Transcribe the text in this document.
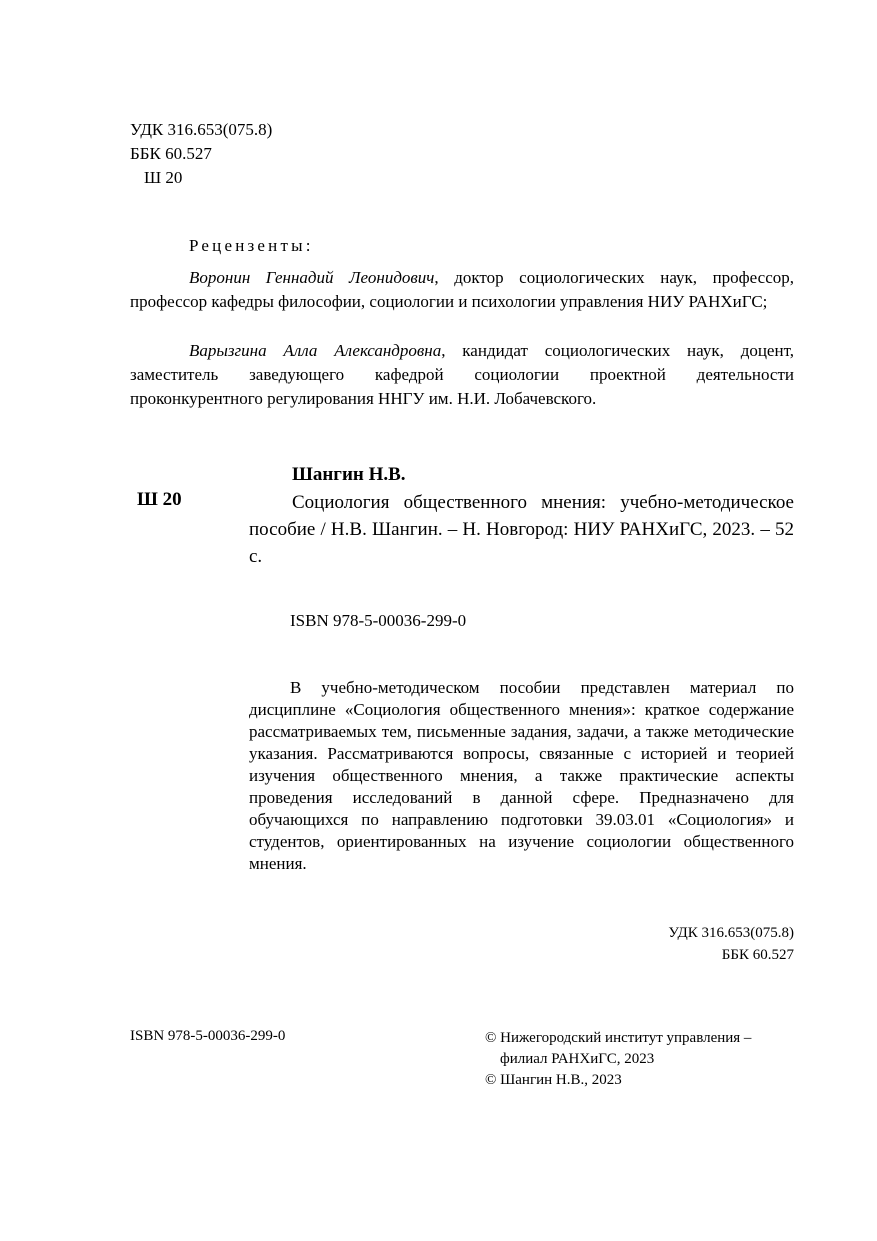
УДК 316.653(075.8)
ББК 60.527
Ш 20
Рецензенты:

Воронин Геннадий Леонидович, доктор социологических наук, профессор, профессор кафедры философии, социологии и психологии управления НИУ РАНХиГС;

Варызгина Алла Александровна, кандидат социологических наук, доцент, заместитель заведующего кафедрой социологии проектной деятельности проконкурентного регулирования ННГУ им. Н.И. Лобачевского.

Ш 20
Шангин Н.В.

Социология общественного мнения: учебно-методическое пособие / Н.В. Шангин. – Н. Новгород: НИУ РАНХиГС, 2023. – 52 с.

ISBN 978-5-00036-299-0

В учебно-методическом пособии представлен материал по дисциплине «Социология общественного мнения»: краткое содержание рассматриваемых тем, письменные задания, задачи, а также методические указания. Рассматриваются вопросы, связанные с историей и теорией изучения общественного мнения, а также практические аспекты проведения исследований в данной сфере. Предназначено для обучающихся по направлению подготовки 39.03.01 «Социология» и студентов, ориентированных на изучение социологии общественного мнения.

УДК 316.653(075.8)
ББК 60.527
ISBN 978-5-00036-299-0	© Нижегородский институт управления –
филиал РАНХиГС, 2023
© Шангин Н.В., 2023
